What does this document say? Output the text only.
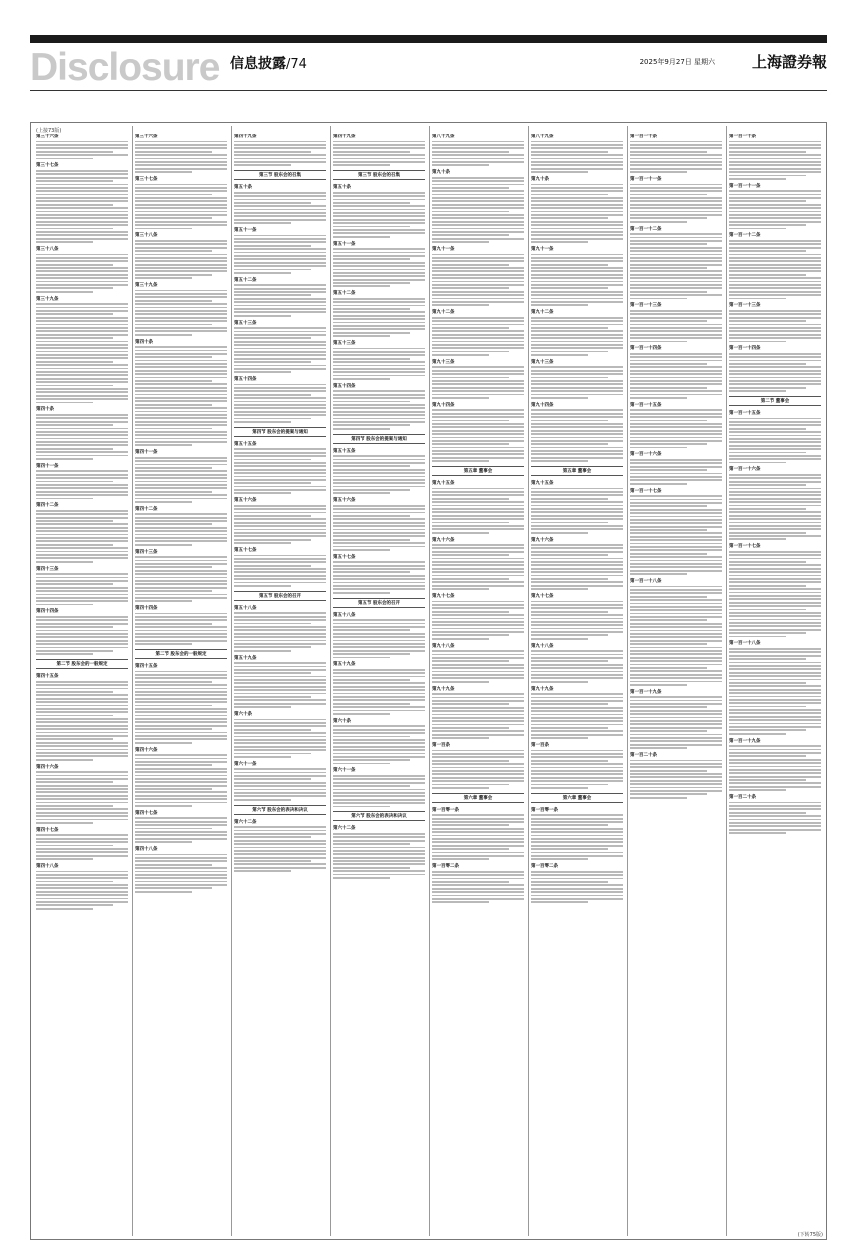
Disclosure 信息披露/74	2025年9月27日 星期六 上海證券報
(上接73版)
第三十六条
第三十七条
第三十八条
第三十九条
第四十条
第四十一条
第四十二条
第四十三条
第四十四条
第二节 股东会的一般规定
第四十五条
第四十六条
第四十七条
第四十八条
第三十六条
第三十七条
第三十八条
第三十九条
第四十条
第四十一条
第四十二条
第四十三条
第四十四条
第二节 股东会的一般规定
第四十五条
第四十六条
第四十七条
第四十八条
第四十九条
第三节 股东会的召集
第五十条
第五十一条
第五十二条
第五十三条
第五十四条
第四节 股东会的提案与通知
第五十五条
第五十六条
第五十七条
第五节 股东会的召开
第五十八条
第五十九条
第六十条
第六十一条
第六节 股东会的表决和决议
第六十二条
第四十九条
第三节 股东会的召集
第五十条
第五十一条
第五十二条
第五十三条
第五十四条
第四节 股东会的提案与通知
第五十五条
第五十六条
第五十七条
第五节 股东会的召开
第五十八条
第五十九条
第六十条
第六十一条
第六节 股东会的表决和决议
第六十二条
第八十九条
第九十条
第九十一条
第九十二条
第九十三条
第九十四条
第五章 董事会
第九十五条
第九十六条
第九十七条
第九十八条
第九十九条
第一百条
第六章 董事会
第一百零一条
第一百零二条
第八十九条
第九十条
第九十一条
第九十二条
第九十三条
第九十四条
第五章 董事会
第九十五条
第九十六条
第九十七条
第九十八条
第九十九条
第一百条
第六章 董事会
第一百零一条
第一百零二条
第一百一十条
第一百一十一条
第一百一十二条
第一百一十三条
第一百一十四条
第一百一十五条
第一百一十六条
第一百一十七条
第一百一十八条
第一百一十九条
第一百二十条
第一百一十条
第一百一十一条
第一百一十二条
第一百一十三条
第一百一十四条
第二节 董事会
第一百一十五条
第一百一十六条
第一百一十七条
第一百一十八条
第一百一十九条
第一百二十条
(下转75版)
